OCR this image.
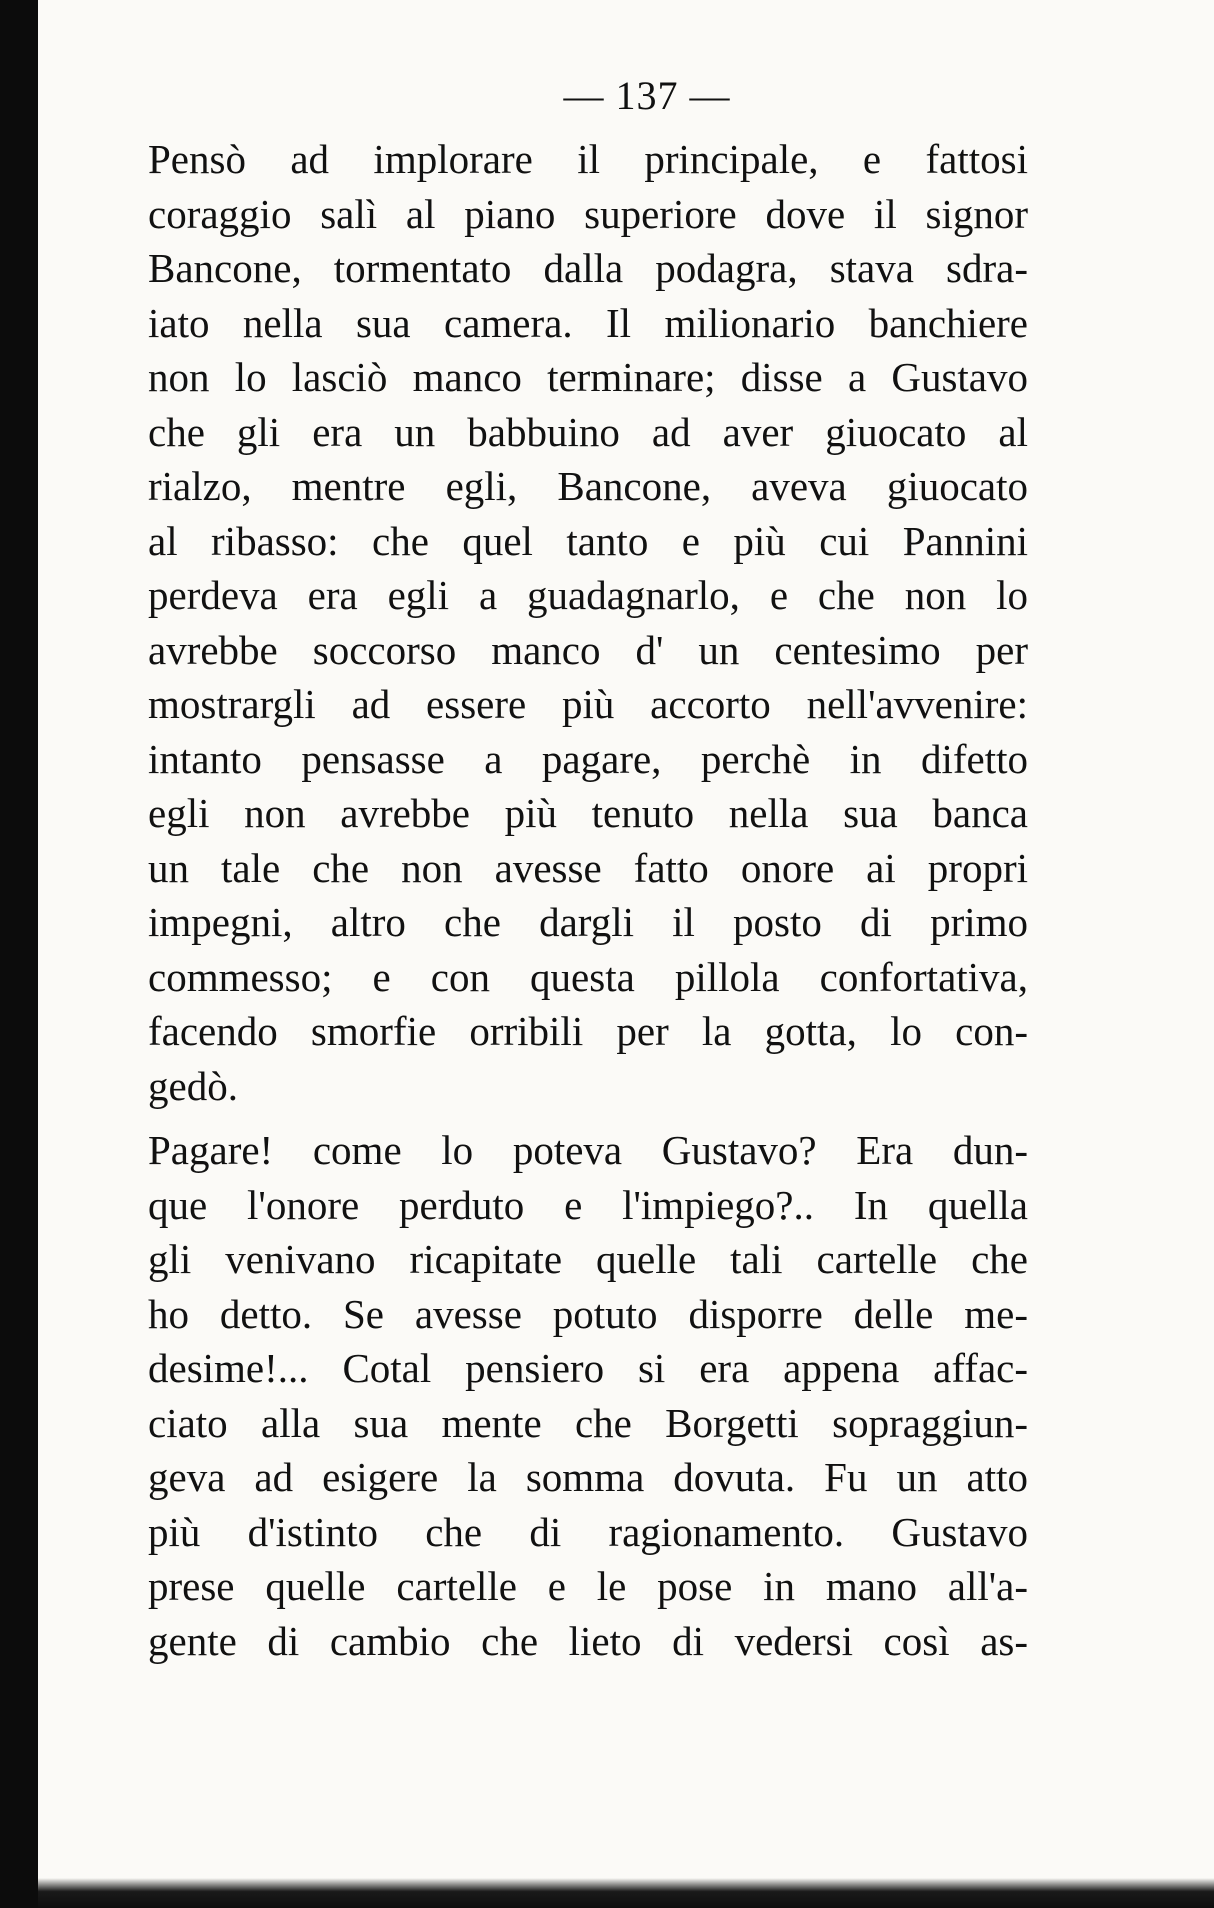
— 137 —
Pensò ad implorare il principale, e fattosi
coraggio salì al piano superiore dove il signor
Bancone, tormentato dalla podagra, stava sdra-
iato nella sua camera. Il milionario banchiere
non lo lasciò manco terminare; disse a Gustavo
che gli era un babbuino ad aver giuocato al
rialzo, mentre egli, Bancone, aveva giuocato
al ribasso: che quel tanto e più cui Pannini
perdeva era egli a guadagnarlo, e che non lo
avrebbe soccorso manco d' un centesimo per
mostrargli ad essere più accorto nell'avvenire:
intanto pensasse a pagare, perchè in difetto
egli non avrebbe più tenuto nella sua banca
un tale che non avesse fatto onore ai propri
impegni, altro che dargli il posto di primo
commesso; e con questa pillola confortativa,
facendo smorfie orribili per la gotta, lo con-
gedò.
Pagare! come lo poteva Gustavo? Era dun-
que l'onore perduto e l'impiego?.. In quella
gli venivano ricapitate quelle tali cartelle che
ho detto. Se avesse potuto disporre delle me-
desime!... Cotal pensiero si era appena affac-
ciato alla sua mente che Borgetti sopraggiun-
geva ad esigere la somma dovuta. Fu un atto
più d'istinto che di ragionamento. Gustavo
prese quelle cartelle e le pose in mano all'a-
gente di cambio che lieto di vedersi così as-
